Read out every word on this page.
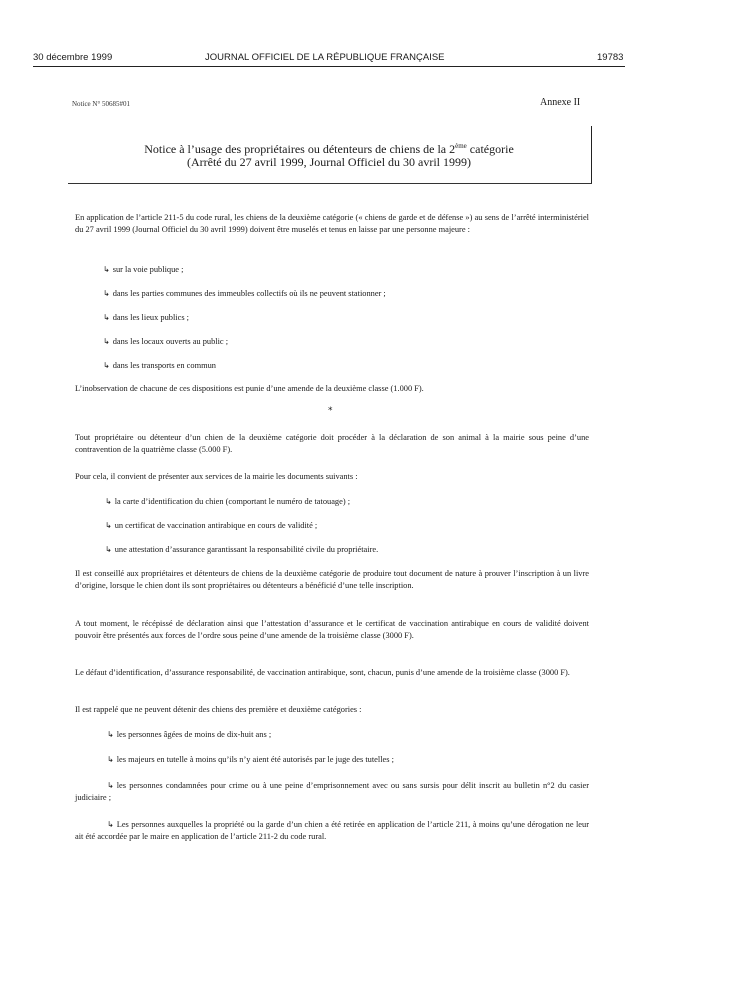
30 décembre 1999	JOURNAL OFFICIEL DE LA RÉPUBLIQUE FRANÇAISE	19783
Notice N° 50685#01	Annexe II
Notice à l’usage des propriétaires ou détenteurs de chiens de la 2ème catégorie
(Arrêté du 27 avril 1999, Journal Officiel du 30 avril 1999)
En application de l’article 211-5 du code rural, les chiens de la deuxième catégorie (« chiens de garde et de défense ») au sens de l’arrêté interministériel du 27 avril 1999 (Journal Officiel du 30 avril 1999) doivent être muselés et tenus en laisse par une personne majeure :
↳ sur la voie publique ;
↳ dans les parties communes des immeubles collectifs où ils ne peuvent stationner ;
↳ dans les lieux publics ;
↳ dans les locaux ouverts au public ;
↳ dans les transports en commun
L’inobservation de chacune de ces dispositions est punie d’une amende de la deuxième classe (1.000 F).
*
Tout propriétaire ou détenteur d’un chien de la deuxième catégorie doit procéder à la déclaration de son animal à la mairie sous peine d’une contravention de la quatrième classe (5.000 F).
Pour cela, il convient de présenter aux services de la mairie les documents suivants :
↳ la carte d’identification du chien (comportant le numéro de tatouage) ;
↳ un certificat de vaccination antirabique en cours de validité ;
↳ une attestation d’assurance garantissant la responsabilité civile du propriétaire.
Il est conseillé aux propriétaires et détenteurs de chiens de la deuxième catégorie de produire tout document de nature à prouver l’inscription à un livre d’origine, lorsque le chien dont ils sont propriétaires ou détenteurs a bénéficié d’une telle inscription.
A tout moment, le récépissé de déclaration ainsi que l’attestation d’assurance et le certificat de vaccination antirabique en cours de validité doivent pouvoir être présentés aux forces de l’ordre sous peine d’une amende de la troisième classe (3000 F).
Le défaut d’identification, d’assurance responsabilité, de vaccination antirabique, sont, chacun, punis d’une amende de la troisième classe (3000 F).
Il est rappelé que ne peuvent détenir des chiens des première et deuxième catégories :
↳ les personnes âgées de moins de dix-huit ans ;
↳ les majeurs en tutelle à moins qu’ils n’y aient été autorisés par le juge des tutelles ;
↳ les personnes condamnées pour crime ou à une peine d’emprisonnement avec ou sans sursis pour délit inscrit au bulletin n°2 du casier judiciaire ;
↳ Les personnes auxquelles la propriété ou la garde d’un chien a été retirée en application de l’article 211, à moins qu’une dérogation ne leur ait été accordée par le maire en application de l’article 211-2 du code rural.
